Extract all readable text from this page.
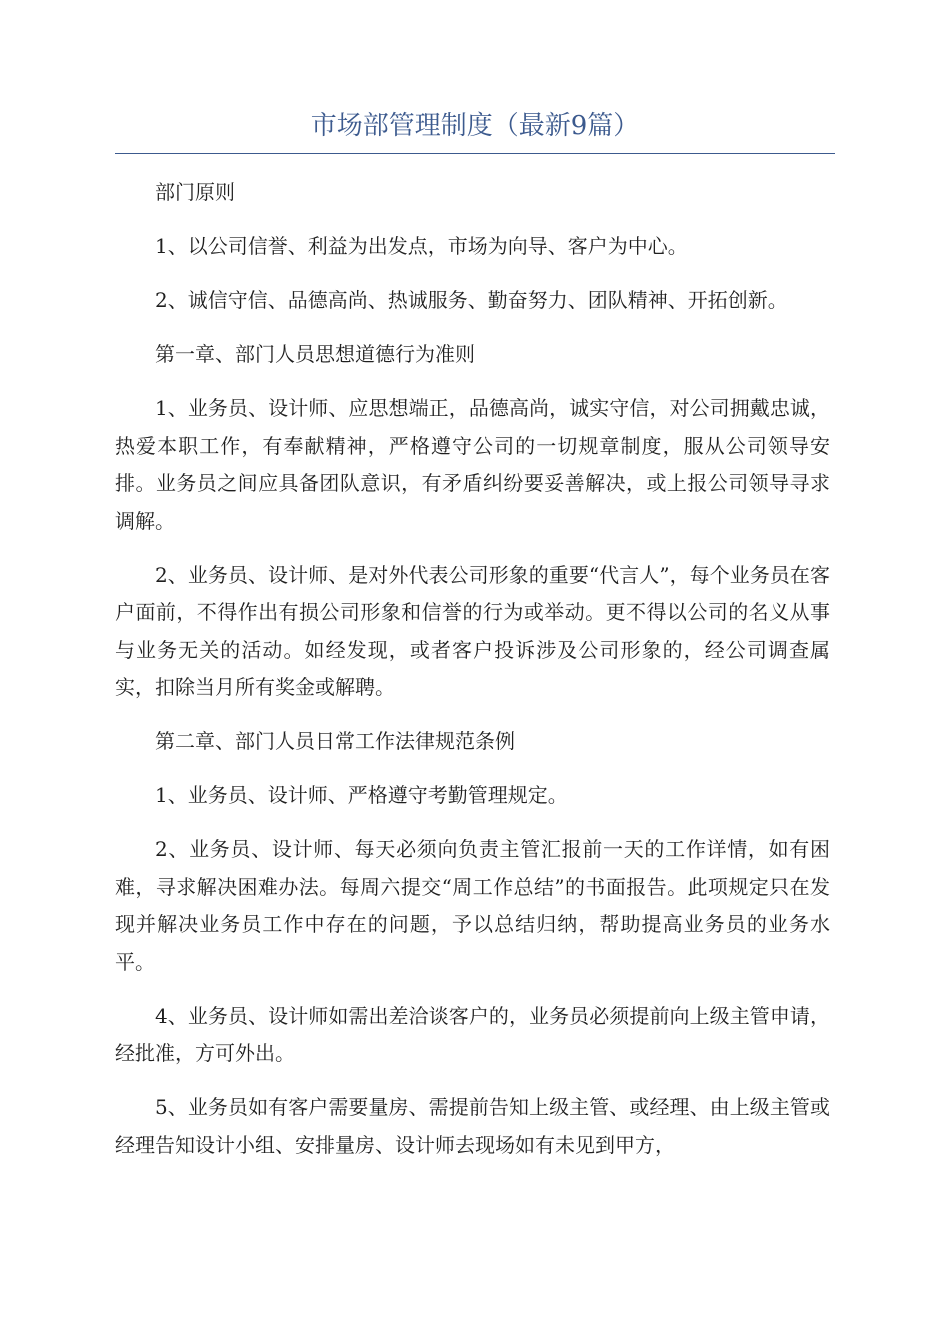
市场部管理制度（最新9篇）

部门原则

1、以公司信誉、利益为出发点，市场为向导、客户为中心。

2、诚信守信、品德高尚、热诚服务、勤奋努力、团队精神、开拓创新。

第一章、部门人员思想道德行为准则

1、业务员、设计师、应思想端正，品德高尚，诚实守信，对公司拥戴忠诚，热爱本职工作，有奉献精神，严格遵守公司的一切规章制度，服从公司领导安排。业务员之间应具备团队意识，有矛盾纠纷要妥善解决，或上报公司领导寻求调解。

2、业务员、设计师、是对外代表公司形象的重要“代言人”，每个业务员在客户面前，不得作出有损公司形象和信誉的行为或举动。更不得以公司的名义从事与业务无关的活动。如经发现，或者客户投诉涉及公司形象的，经公司调查属实，扣除当月所有奖金或解聘。

第二章、部门人员日常工作法律规范条例

1、业务员、设计师、严格遵守考勤管理规定。

2、业务员、设计师、每天必须向负责主管汇报前一天的工作详情，如有困难，寻求解决困难办法。每周六提交“周工作总结”的书面报告。此项规定只在发现并解决业务员工作中存在的问题，予以总结归纳，帮助提高业务员的业务水平。

4、业务员、设计师如需出差洽谈客户的，业务员必须提前向上级主管申请，经批准，方可外出。

5、业务员如有客户需要量房、需提前告知上级主管、或经理、由上级主管或经理告知设计小组、安排量房、设计师去现场如有未见到甲方，
